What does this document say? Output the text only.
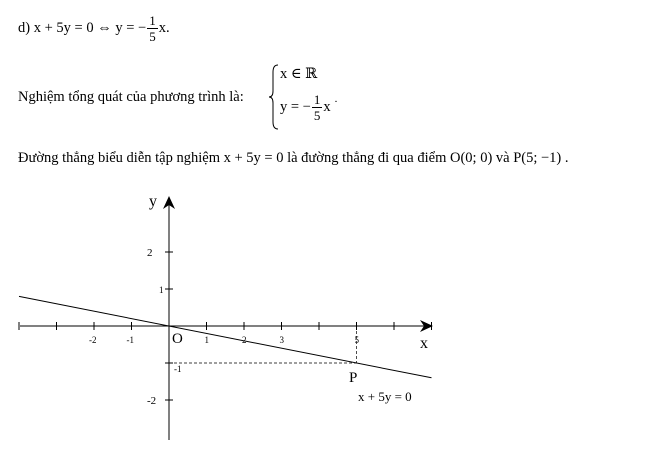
d) x + 5y = 0 ⇔ y = − $\frac{1}{5} x$.
Nghiệm tổng quát của phương trình là:
x ∈ ℝ
y = − $\frac{1}{5}$ x .
Đường thẳng biểu diễn tập nghiệm x + 5y = 0 là đường thẳng đi qua điểm O(0; 0) và P(5; −1) .
x
y
O
P
x + 5y = 0
-2	-1	1	2	3	5
2
1
-1
-2
